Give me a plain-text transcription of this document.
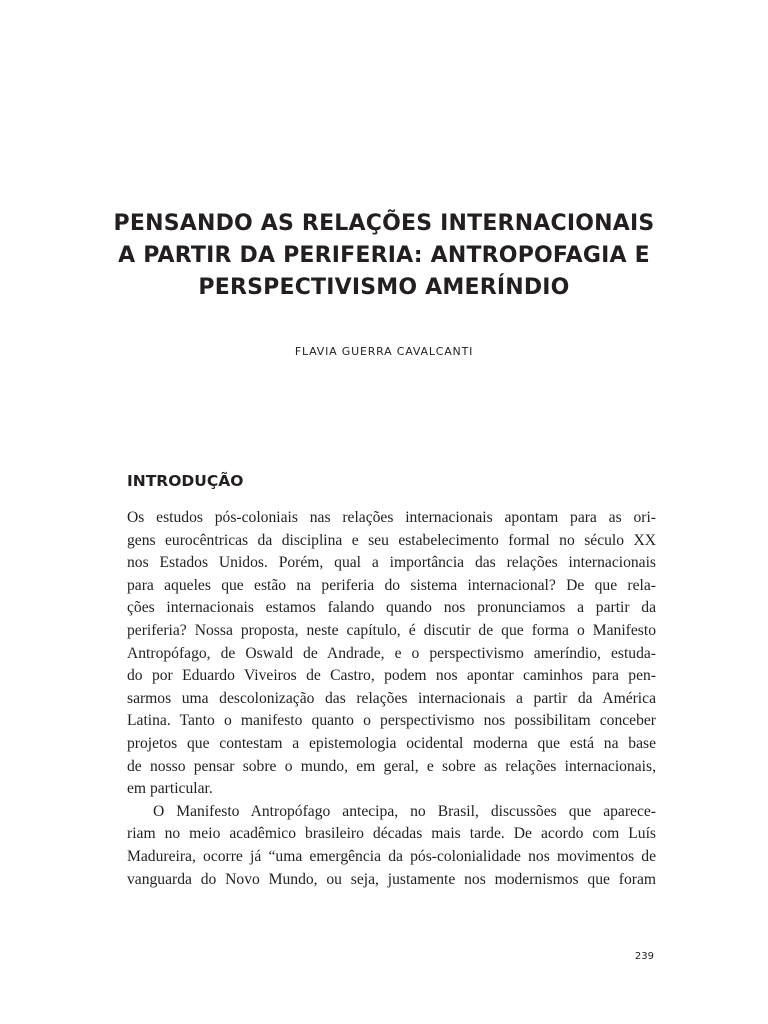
PENSANDO AS RELAÇÕES INTERNACIONAIS
A PARTIR DA PERIFERIA: ANTROPOFAGIA E
PERSPECTIVISMO AMERÍNDIO
FLAVIA GUERRA CAVALCANTI
INTRODUÇÃO
Os estudos pós-coloniais nas relações internacionais apontam para as ori-
gens eurocêntricas da disciplina e seu estabelecimento formal no século XX
nos Estados Unidos. Porém, qual a importância das relações internacionais
para aqueles que estão na periferia do sistema internacional? De que rela-
ções internacionais estamos falando quando nos pronunciamos a partir da
periferia? Nossa proposta, neste capítulo, é discutir de que forma o Manifesto
Antropófago, de Oswald de Andrade, e o perspectivismo ameríndio, estuda-
do por Eduardo Viveiros de Castro, podem nos apontar caminhos para pen-
sarmos uma descolonização das relações internacionais a partir da América
Latina. Tanto o manifesto quanto o perspectivismo nos possibilitam conceber
projetos que contestam a epistemologia ocidental moderna que está na base
de nosso pensar sobre o mundo, em geral, e sobre as relações internacionais,
em particular.
O Manifesto Antropófago antecipa, no Brasil, discussões que aparece-
riam no meio acadêmico brasileiro décadas mais tarde. De acordo com Luís
Madureira, ocorre já “uma emergência da pós-colonialidade nos movimentos de
vanguarda do Novo Mundo, ou seja, justamente nos modernismos que foram
239
